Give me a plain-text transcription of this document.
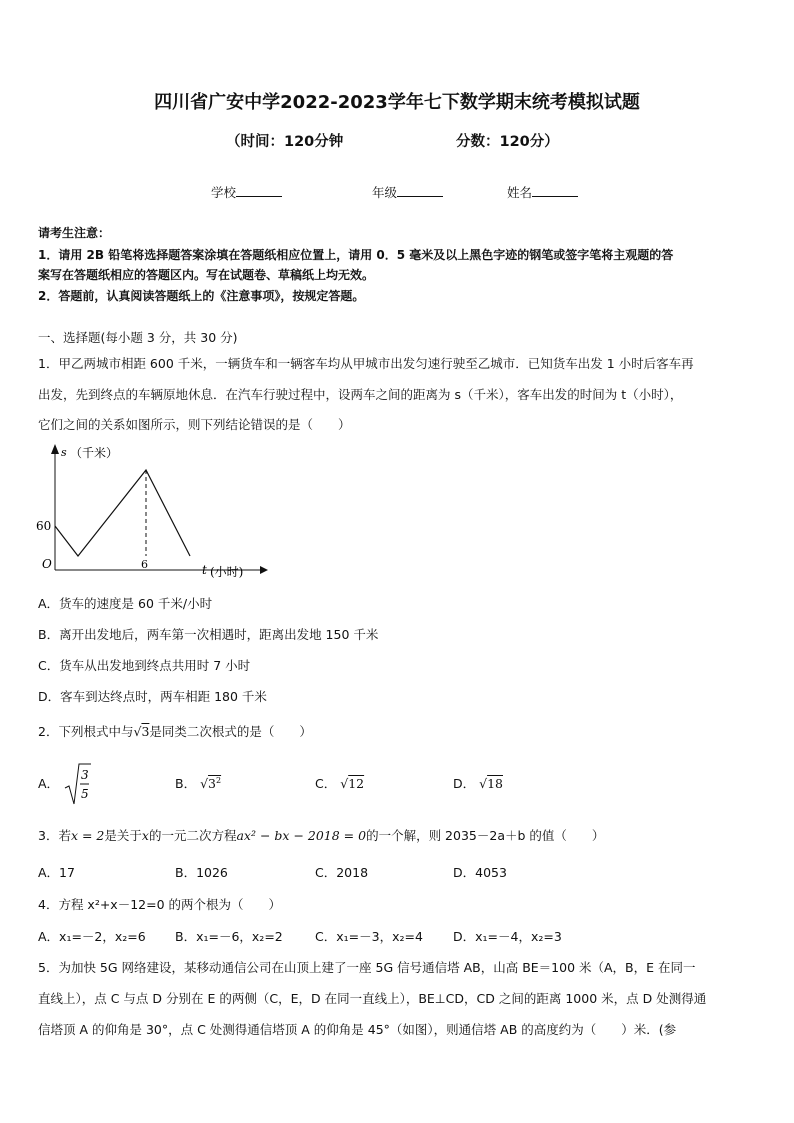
四川省广安中学2022-2023学年七下数学期末统考模拟试题
（时间：120分钟	分数：120分）
学校	年级	姓名
请考生注意：
1．请用 2B 铅笔将选择题答案涂填在答题纸相应位置上，请用 0．5 毫米及以上黑色字迹的钢笔或签字笔将主观题的答
案写在答题纸相应的答题区内。写在试题卷、草稿纸上均无效。
2．答题前，认真阅读答题纸上的《注意事项》，按规定答题。
一、选择题(每小题 3 分，共 30 分)
1．甲乙两城市相距 600 千米，一辆货车和一辆客车均从甲城市出发匀速行驶至乙城市．已知货车出发 1 小时后客车再
出发，先到终点的车辆原地休息．在汽车行驶过程中，设两车之间的距离为 s（千米），客车出发的时间为 t（小时），
它们之间的关系如图所示，则下列结论错误的是（　　）
s （千米）
60
O	6	t (小时)
A．货车的速度是 60 千米/小时
B．离开出发地后，两车第一次相遇时，距离出发地 150 千米
C．货车从出发地到终点共用时 7 小时
D．客车到达终点时，两车相距 180 千米
2．下列根式中与√3是同类二次根式的是（　　）
A．
3
5
B． $√3^2$	C． √12	D． √18
3．若x = 2是关于x的一元二次方程ax² − bx − 2018 = 0的一个解，则 2035－2a＋b 的值（　　）
A．17	B．1026	C．2018	D．4053
4．方程 x²+x－12=0 的两个根为（　　）
A．x₁=－2，x₂=6 B．x₁=－6，x₂=2	C．x₁=－3，x₂=4 D．x₁=－4，x₂=3
5．为加快 5G 网络建设，某移动通信公司在山顶上建了一座 5G 信号通信塔 AB，山高 BE＝100 米（A，B，E 在同一
直线上），点 C 与点 D 分别在 E 的两侧（C，E，D 在同一直线上），BE⊥CD，CD 之间的距离 1000 米，点 D 处测得通
信塔顶 A 的仰角是 30°，点 C 处测得通信塔顶 A 的仰角是 45°（如图），则通信塔 AB 的高度约为（　　）米．(参
